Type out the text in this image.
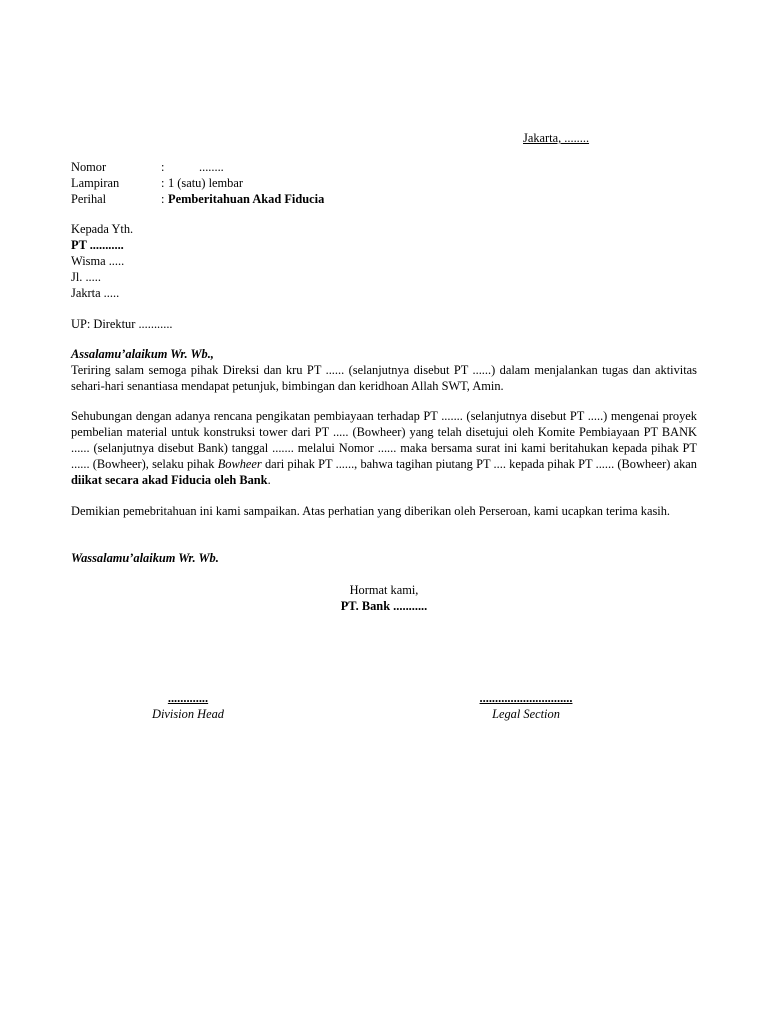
Jakarta, ........
Nomor	:	........
Lampiran	: 1 (satu) lembar
Perihal	: Pemberitahuan Akad Fiducia
Kepada Yth.
PT ...........
Wisma .....
Jl. .....
Jakrta .....
UP: Direktur ...........
Assalamu’alaikum Wr. Wb.,
Teriring salam semoga pihak Direksi dan kru PT ...... (selanjutnya disebut PT ......) dalam menjalankan tugas dan aktivitas sehari-hari senantiasa mendapat petunjuk, bimbingan dan keridhoan Allah SWT, Amin.
Sehubungan dengan adanya rencana pengikatan pembiayaan terhadap PT ....... (selanjutnya disebut PT .....) mengenai proyek pembelian material untuk konstruksi tower dari PT ..... (Bowheer) yang telah disetujui oleh Komite Pembiayaan PT BANK ...... (selanjutnya disebut Bank) tanggal ....... melalui Nomor ...... maka bersama surat ini kami beritahukan kepada pihak PT ...... (Bowheer), selaku pihak Bowheer dari pihak PT ......, bahwa tagihan piutang PT .... kepada pihak PT ...... (Bowheer) akan diikat secara akad Fiducia oleh Bank.
Demikian pemebritahuan ini kami sampaikan. Atas perhatian yang diberikan oleh Perseroan, kami ucapkan terima kasih.
Wassalamu’alaikum Wr. Wb.
Hormat kami,
PT. Bank ...........
.............
Division Head
..............................
Legal Section
